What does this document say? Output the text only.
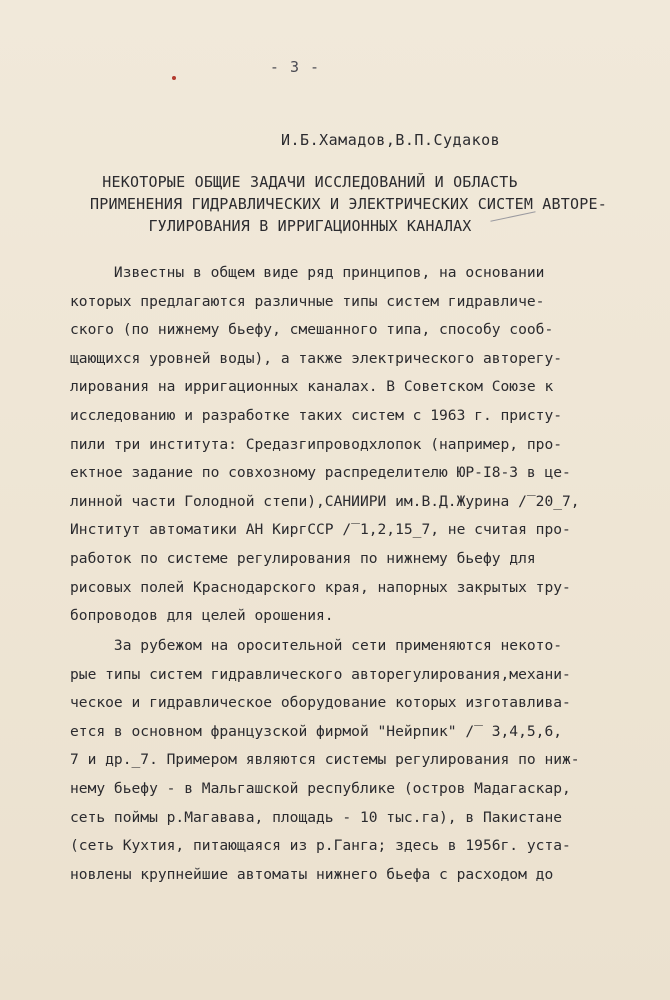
- 3 -
И.Б.Хамадов,В.П.Судаков
НЕКОТОРЫЕ ОБЩИЕ ЗАДАЧИ ИССЛЕДОВАНИЙ И ОБЛАСТЬ
ПРИМЕНЕНИЯ ГИДРАВЛИЧЕСКИХ И ЭЛЕКТРИЧЕСКИХ СИСТЕМ АВТОРЕ-
ГУЛИРОВАНИЯ В ИРРИГАЦИОННЫХ КАНАЛАХ
Известны в общем виде ряд принципов, на основании
которых предлагаются различные типы систем гидравличе-
ского (по нижнему бьефу, смешанного типа, способу сооб-
щающихся уровней воды), а также электрического авторегу-
лирования на ирригационных каналах. В Советском Союзе к
исследованию и разработке таких систем с 1963 г. присту-
пили три института: Средазгипроводхлопок (например, про-
ектное задание по совхозному распределителю ЮР-I8-3 в це-
линной части Голодной степи),САНИИРИ им.В.Д.Журина /‾20_7,
Институт автоматики АН КиргССР /‾1,2,15_7, не считая про-
работок по системе регулирования по нижнему бьефу для
рисовых полей Краснодарского края, напорных закрытых тру-
бопроводов для целей орошения.
За рубежом на оросительной сети применяются некото-
рые типы систем гидравлического авторегулирования,механи-
ческое и гидравлическое оборудование которых изготавлива-
ется в основном французской фирмой "Нейрпик" /‾ 3,4,5,6,
7 и др._7. Примером являются системы регулирования по ниж-
нему бьефу - в Мальгашской республике (остров Мадагаскар,
сеть поймы р.Магавава, площадь - 10 тыс.га), в Пакистане
(сеть Кухтия, питающаяся из р.Ганга; здесь в 1956г. уста-
новлены крупнейшие автоматы нижнего бьефа с расходом до
